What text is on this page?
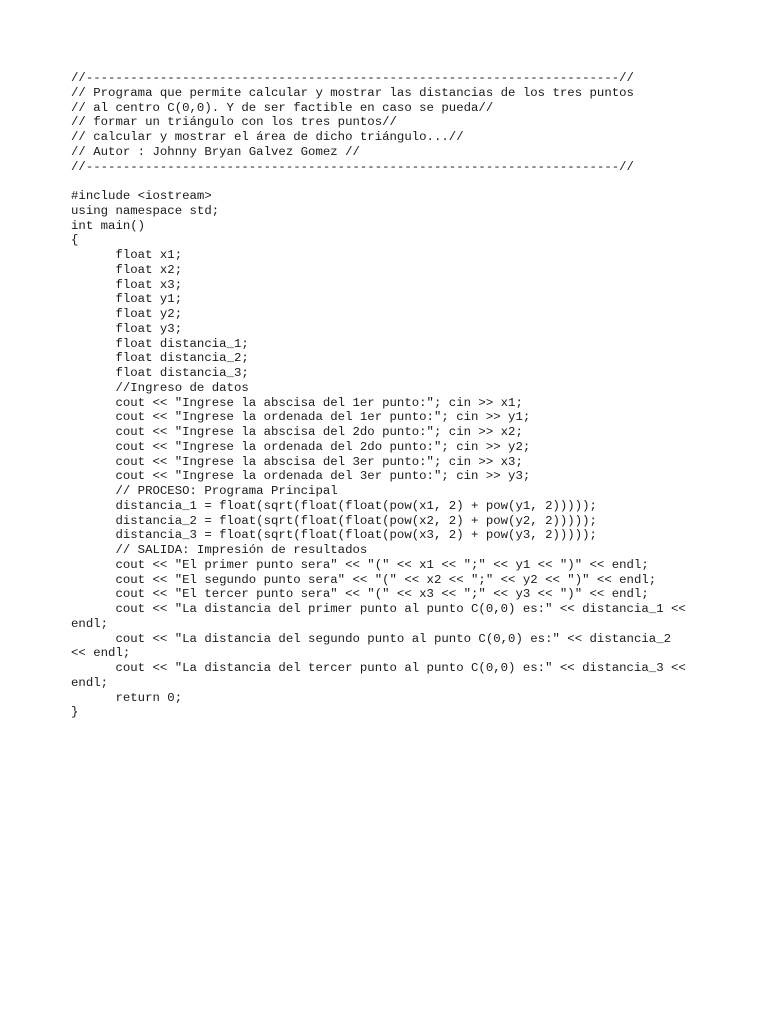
//------------------------------------------------------------------------//
// Programa que permite calcular y mostrar las distancias de los tres puntos
// al centro C(0,0). Y de ser factible en caso se pueda//
// formar un triángulo con los tres puntos//
// calcular y mostrar el área de dicho triángulo...//
// Autor : Johnny Bryan Galvez Gomez //
//------------------------------------------------------------------------//
#include <iostream>
using namespace std;
int main()
{
float x1;
float x2;
float x3;
float y1;
float y2;
float y3;
float distancia_1;
float distancia_2;
float distancia_3;
//Ingreso de datos
cout << "Ingrese la abscisa del 1er punto:"; cin >> x1;
cout << "Ingrese la ordenada del 1er punto:"; cin >> y1;
cout << "Ingrese la abscisa del 2do punto:"; cin >> x2;
cout << "Ingrese la ordenada del 2do punto:"; cin >> y2;
cout << "Ingrese la abscisa del 3er punto:"; cin >> x3;
cout << "Ingrese la ordenada del 3er punto:"; cin >> y3;
// PROCESO: Programa Principal
distancia_1 = float(sqrt(float(float(pow(x1, 2) + pow(y1, 2)))));
distancia_2 = float(sqrt(float(float(pow(x2, 2) + pow(y2, 2)))));
distancia_3 = float(sqrt(float(float(pow(x3, 2) + pow(y3, 2)))));
// SALIDA: Impresión de resultados
cout << "El primer punto sera" << "(" << x1 << ";" << y1 << ")" << endl;
cout << "El segundo punto sera" << "(" << x2 << ";" << y2 << ")" << endl;
cout << "El tercer punto sera" << "(" << x3 << ";" << y3 << ")" << endl;
cout << "La distancia del primer punto al punto C(0,0) es:" << distancia_1 <<
endl;
cout << "La distancia del segundo punto al punto C(0,0) es:" << distancia_2
<< endl;
cout << "La distancia del tercer punto al punto C(0,0) es:" << distancia_3 <<
endl;
return 0;
}
